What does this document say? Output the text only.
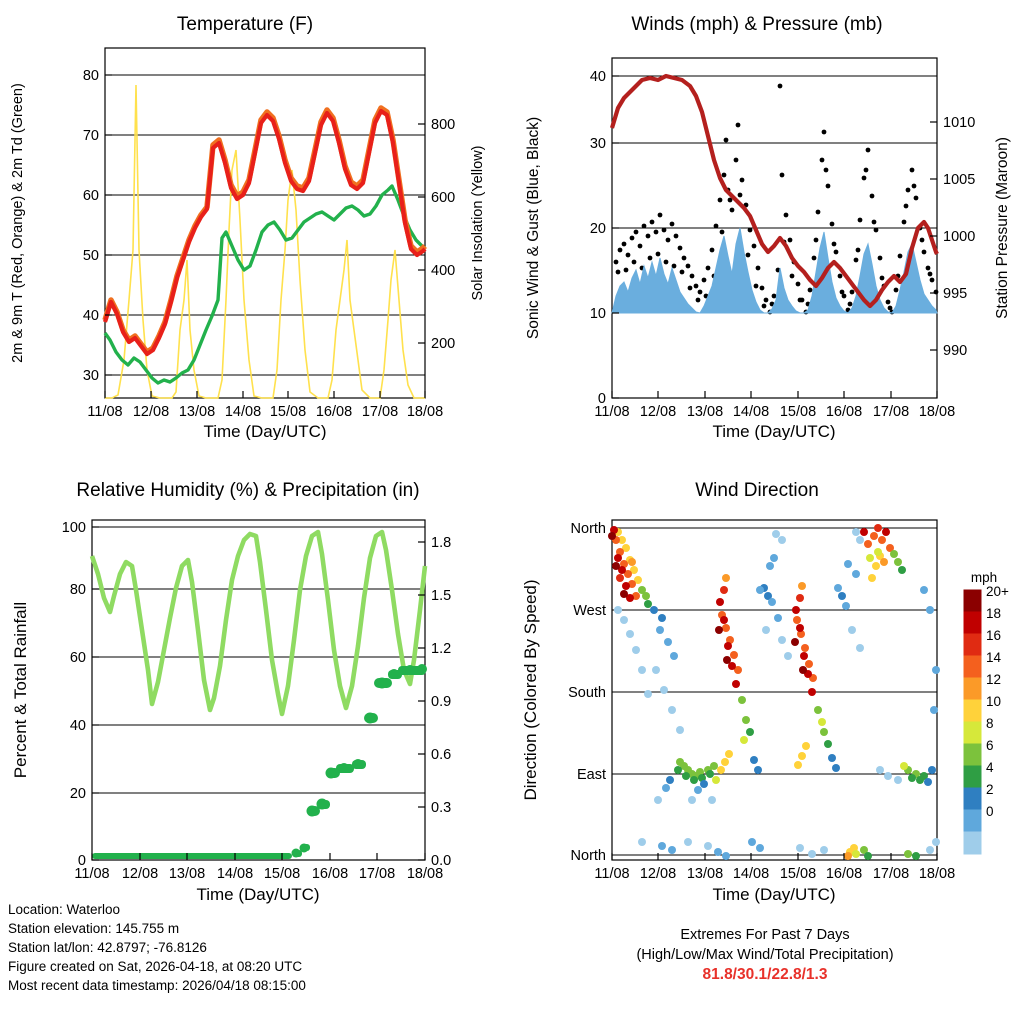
Temperature (F)
30
40
50
60
70
80
200
400
600
800
11/08 12/08 13/08 14/08 15/08 16/08 17/08 18/08
Time (Day/UTC)
2m & 9m T (Red, Orange) & 2m Td (Green)	Solar Insolation (Yellow)
Winds (mph) & Pressure (mb)
0
10
20
30
40
990
995
1000
1005
1010
11/08 12/08 13/08 14/08 15/08 16/08 17/08 18/08
Time (Day/UTC)
Sonic Wind & Gust (Blue, Black)	Station Pressure (Maroon)
Relative Humidity (%) & Precipitation (in)
0
20
40
60
80
100
0.0
0.3
0.6
0.9
1.2
1.5
1.8
11/08 12/08 13/08 14/08 15/08 16/08 17/08 18/08
Time (Day/UTC)
Percent & Total Rainfall
Wind Direction
North
West
South
East
North
11/08 12/08 13/08 14/08 15/08 16/08 17/08 18/08
Time (Day/UTC)
Direction (Colored By Speed)
mph
20+
18
16
14
12
10
8
6
4
2
0
Location: Waterloo
Station elevation: 145.755 m
Station lat/lon: 42.8797; -76.8126
Figure created on Sat, 2026-04-18, at 08:20 UTC
Most recent data timestamp: 2026/04/18 08:15:00
Extremes For Past 7 Days
(High/Low/Max Wind/Total Precipitation)
81.8/30.1/22.8/1.3
